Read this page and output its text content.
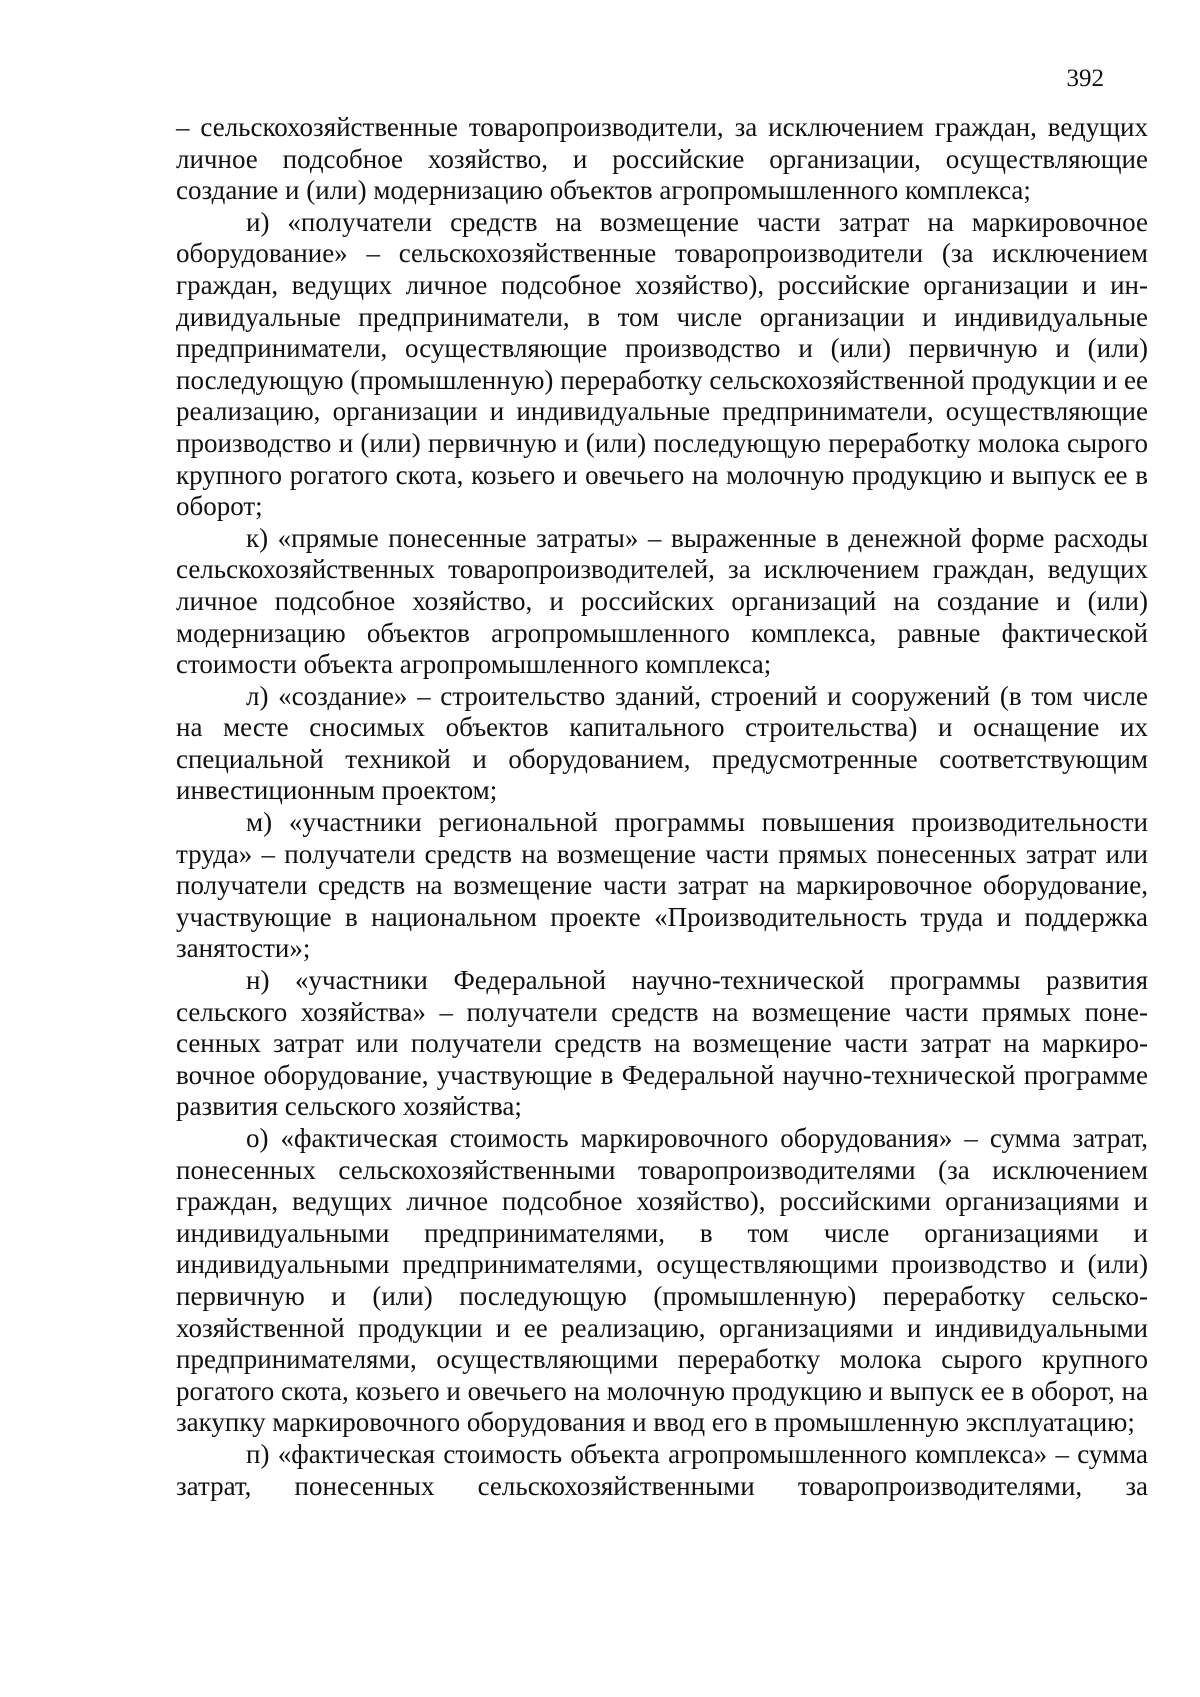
392

– сельскохозяйственные товаропроизводители, за исключением граждан, ведущих личное подсобное хозяйство, и российские организации, осуществляющие создание и (или) модернизацию объектов агропромышленного комплекса;

и) «получатели средств на возмещение части затрат на маркировочное оборудование» – сельскохозяйственные товаропроизводители (за исключением граждан, ведущих личное подсобное хозяйство), российские организации и индивидуальные предприниматели, в том числе организации и индивидуальные предприниматели, осуществляющие производство и (или) первичную и (или) последующую (промышленную) переработку сельскохозяйственной продукции и ее реализацию, организации и индивидуальные предприниматели, осуществляющие производство и (или) первичную и (или) последующую переработку молока сырого крупного рогатого скота, козьего и овечьего на молочную продукцию и выпуск ее в оборот;

к) «прямые понесенные затраты» – выраженные в денежной форме расходы сельскохозяйственных товаропроизводителей, за исключением граждан, ведущих личное подсобное хозяйство, и российских организаций на создание и (или) модернизацию объектов агропромышленного комплекса, равные фактической стоимости объекта агропромышленного комплекса;

л) «создание» – строительство зданий, строений и сооружений (в том числе на месте сносимых объектов капитального строительства) и оснащение их специальной техникой и оборудованием, предусмотренные соответствующим инвестиционным проектом;

м) «участники региональной программы повышения производительности труда» – получатели средств на возмещение части прямых понесенных затрат или получатели средств на возмещение части затрат на маркировочное оборудование, участвующие в национальном проекте «Производительность труда и поддержка занятости»;

н) «участники Федеральной научно-технической программы развития сельского хозяйства» – получатели средств на возмещение части прямых понесенных затрат или получатели средств на возмещение части затрат на маркировочное оборудование, участвующие в Федеральной научно-технической программе развития сельского хозяйства;

о) «фактическая стоимость маркировочного оборудования» – сумма затрат, понесенных сельскохозяйственными товаропроизводителями (за исключением граждан, ведущих личное подсобное хозяйство), российскими организациями и индивидуальными предпринимателями, в том числе организациями и индивидуальными предпринимателями, осуществляющими производство и (или) первичную и (или) последующую (промышленную) переработку сельскохозяйственной продукции и ее реализацию, организациями и индивидуальными предпринимателями, осуществляющими переработку молока сырого крупного рогатого скота, козьего и овечьего на молочную продукцию и выпуск ее в оборот, на закупку маркировочного оборудования и ввод его в промышленную эксплуатацию;

п) «фактическая стоимость объекта агропромышленного комплекса» – сумма затрат, понесенных сельскохозяйственными товаропроизводителями, за
